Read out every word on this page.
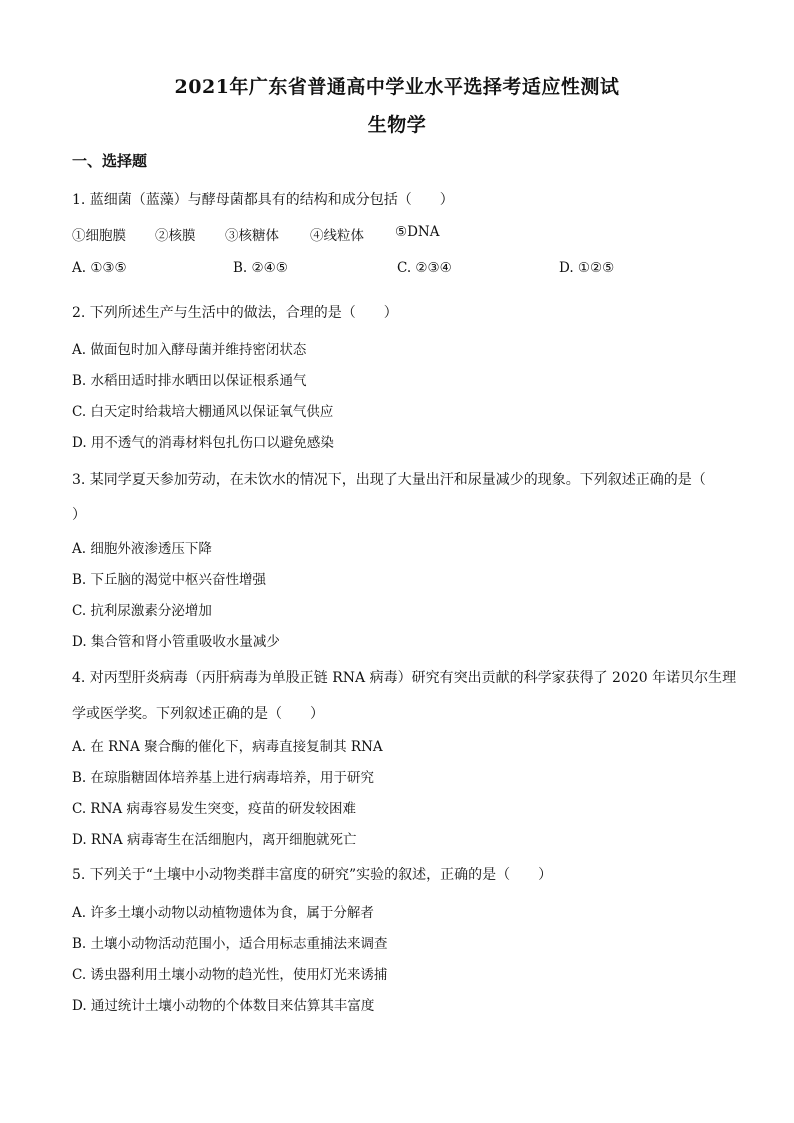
2021年广东省普通高中学业水平选择考适应性测试
生物学
一、选择题
1. 蓝细菌（蓝藻）与酵母菌都具有的结构和成分包括（　　）
①细胞膜 ②核膜 ③核糖体 ④线粒体 ⑤DNA
A. ①③⑤	B. ②④⑤	C. ②③④	D. ①②⑤
2. 下列所述生产与生活中的做法，合理的是（　　）
A. 做面包时加入酵母菌并维持密闭状态
B. 水稻田适时排水晒田以保证根系通气
C. 白天定时给栽培大棚通风以保证氧气供应
D. 用不透气的消毒材料包扎伤口以避免感染
3. 某同学夏天参加劳动，在未饮水的情况下，出现了大量出汗和尿量减少的现象。下列叙述正确的是（
）
A. 细胞外液渗透压下降
B. 下丘脑的渴觉中枢兴奋性增强
C. 抗利尿激素分泌增加
D. 集合管和肾小管重吸收水量减少
4. 对丙型肝炎病毒（丙肝病毒为单股正链 RNA 病毒）研究有突出贡献的科学家获得了 2020 年诺贝尔生理
学或医学奖。下列叙述正确的是（　　）
A. 在 RNA 聚合酶的催化下，病毒直接复制其 RNA
B. 在琼脂糖固体培养基上进行病毒培养，用于研究
C. RNA 病毒容易发生突变，疫苗的研发较困难
D. RNA 病毒寄生在活细胞内，离开细胞就死亡
5. 下列关于“土壤中小动物类群丰富度的研究”实验的叙述，正确的是（　　）
A. 许多土壤小动物以动植物遗体为食，属于分解者
B. 土壤小动物活动范围小，适合用标志重捕法来调查
C. 诱虫器利用土壤小动物的趋光性，使用灯光来诱捕
D. 通过统计土壤小动物的个体数目来估算其丰富度
